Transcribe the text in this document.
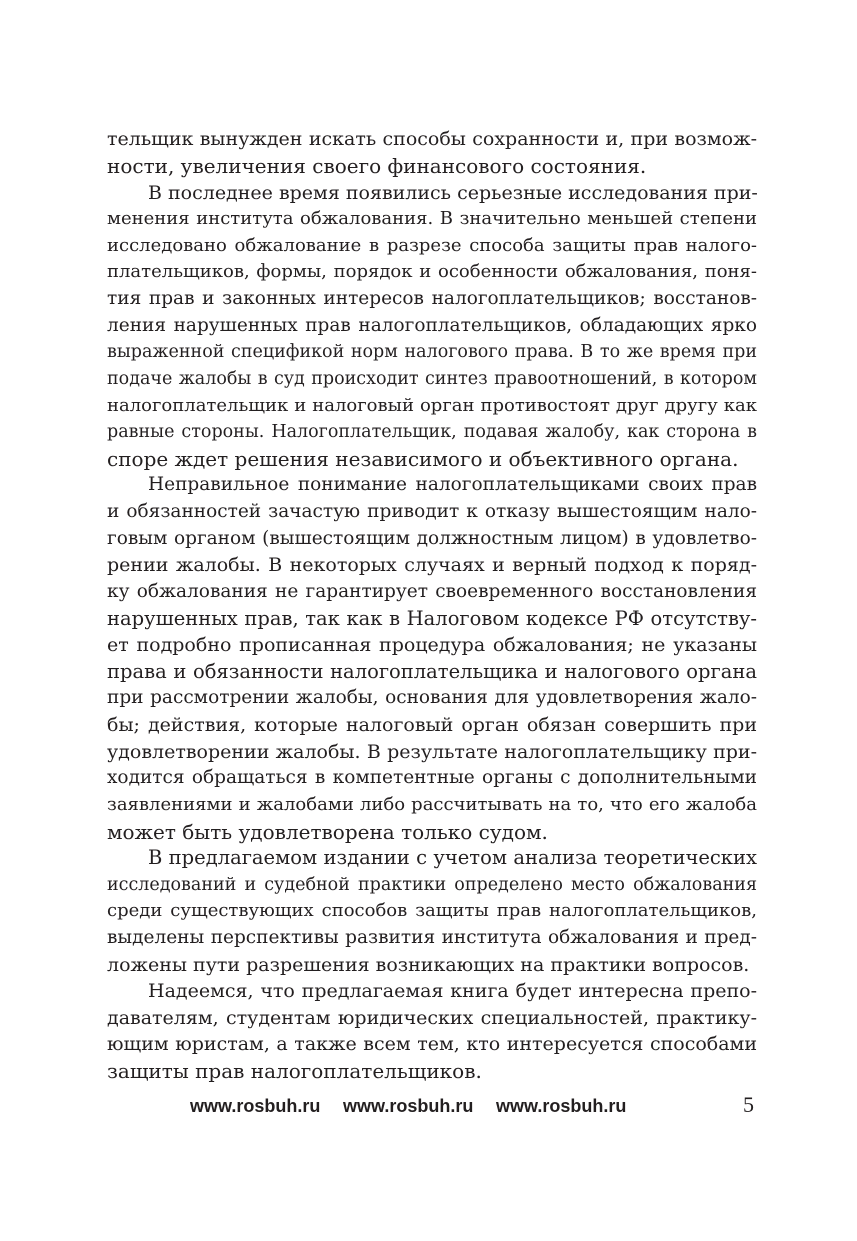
тельщик вынужден искать способы сохранности и, при возмож-

ности, увеличения своего финансового состояния.

В последнее время появились серьезные исследования при-

менения института обжалования. В значительно меньшей степени

исследовано обжалование в разрезе способа защиты прав налого-

плательщиков, формы, порядок и особенности обжалования, поня-

тия прав и законных интересов налогоплательщиков; восстанов-

ления нарушенных прав налогоплательщиков, обладающих ярко

выраженной спецификой норм налогового права. В то же время при

подаче жалобы в суд происходит синтез правоотношений, в котором

налогоплательщик и налоговый орган противостоят друг другу как

равные стороны. Налогоплательщик, подавая жалобу, как сторона в

споре ждет решения независимого и объективного органа.

Неправильное понимание налогоплательщиками своих прав

и обязанностей зачастую приводит к отказу вышестоящим нало-

говым органом (вышестоящим должностным лицом) в удовлетво-

рении жалобы. В некоторых случаях и верный подход к поряд-

ку обжалования не гарантирует своевременного восстановления

нарушенных прав, так как в Налоговом кодексе РФ отсутству-

ет подробно прописанная процедура обжалования; не указаны

права и обязанности налогоплательщика и налогового органа

при рассмотрении жалобы, основания для удовлетворения жало-

бы; действия, которые налоговый орган обязан совершить при

удовлетворении жалобы. В результате налогоплательщику при-

ходится обращаться в компетентные органы с дополнительными

заявлениями и жалобами либо рассчитывать на то, что его жалоба

может быть удовлетворена только судом.

В предлагаемом издании с учетом анализа теоретических

исследований и судебной практики определено место обжалования

среди существующих способов защиты прав налогоплательщиков,

выделены перспективы развития института обжалования и пред-

ложены пути разрешения возникающих на практики вопросов.

Надеемся, что предлагаемая книга будет интересна препо-

давателям, студентам юридических специальностей, практику-

ющим юристам, а также всем тем, кто интересуется способами

защиты прав налогоплательщиков.

www.rosbuh.ru www.rosbuh.ru www.rosbuh.ru	5
